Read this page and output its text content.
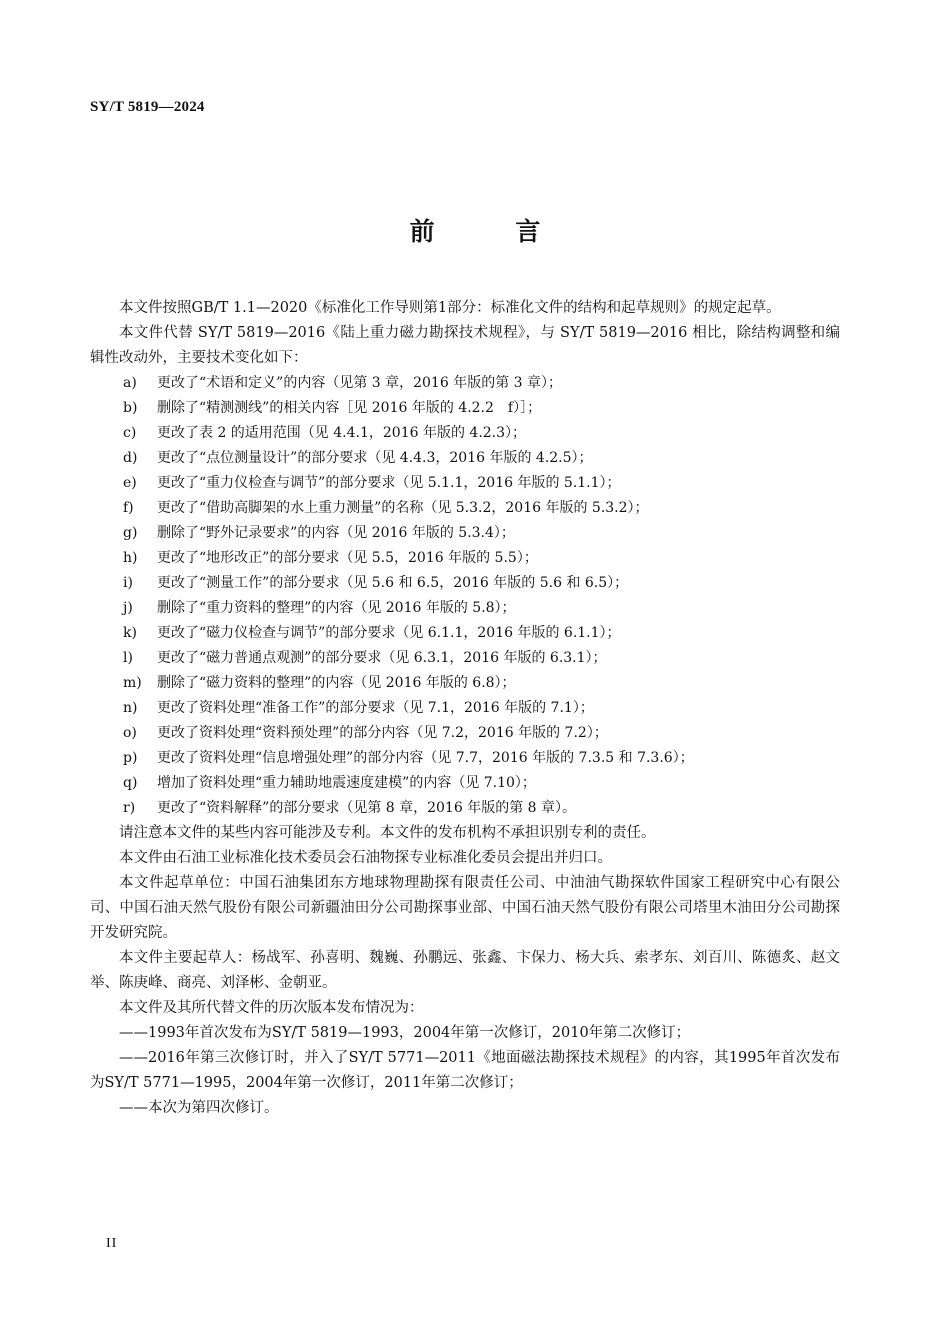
SY/T 5819—2024
前 言

本文件按照GB/T 1.1—2020《标准化工作导则第1部分：标准化文件的结构和起草规则》的规定起草。

本文件代替 SY/T 5819—2016《陆上重力磁力勘探技术规程》，与 SY/T 5819—2016 相比，除结构调整和编辑性改动外，主要技术变化如下：

a) 更改了“术语和定义”的内容（见第 3 章，2016 年版的第 3 章）；
b) 删除了“精测测线”的相关内容［见 2016 年版的 4.2.2　f）］；
c) 更改了表 2 的适用范围（见 4.4.1，2016 年版的 4.2.3）；
d) 更改了“点位测量设计”的部分要求（见 4.4.3，2016 年版的 4.2.5）；
e) 更改了“重力仪检查与调节”的部分要求（见 5.1.1，2016 年版的 5.1.1）；
f) 更改了“借助高脚架的水上重力测量”的名称（见 5.3.2，2016 年版的 5.3.2）；
g) 删除了“野外记录要求”的内容（见 2016 年版的 5.3.4）；
h) 更改了“地形改正”的部分要求（见 5.5，2016 年版的 5.5）；
i) 更改了“测量工作”的部分要求（见 5.6 和 6.5，2016 年版的 5.6 和 6.5）；
j) 删除了“重力资料的整理”的内容（见 2016 年版的 5.8）；
k) 更改了“磁力仪检查与调节”的部分要求（见 6.1.1，2016 年版的 6.1.1）；
l) 更改了“磁力普通点观测”的部分要求（见 6.3.1，2016 年版的 6.3.1）；
m) 删除了“磁力资料的整理”的内容（见 2016 年版的 6.8）；
n) 更改了资料处理“准备工作”的部分要求（见 7.1，2016 年版的 7.1）；
o) 更改了资料处理“资料预处理”的部分内容（见 7.2，2016 年版的 7.2）；
p) 更改了资料处理“信息增强处理”的部分内容（见 7.7，2016 年版的 7.3.5 和 7.3.6）；
q) 增加了资料处理“重力辅助地震速度建模”的内容（见 7.10）；
r) 更改了“资料解释”的部分要求（见第 8 章，2016 年版的第 8 章）。

请注意本文件的某些内容可能涉及专利。本文件的发布机构不承担识别专利的责任。

本文件由石油工业标准化技术委员会石油物探专业标准化委员会提出并归口。

本文件起草单位：中国石油集团东方地球物理勘探有限责任公司、中油油气勘探软件国家工程研究中心有限公司、中国石油天然气股份有限公司新疆油田分公司勘探事业部、中国石油天然气股份有限公司塔里木油田分公司勘探开发研究院。

本文件主要起草人：杨战军、孙喜明、魏巍、孙鹏远、张鑫、卞保力、杨大兵、索孝东、刘百川、陈德炙、赵文举、陈庚峰、商亮、刘泽彬、金朝亚。

本文件及其所代替文件的历次版本发布情况为：

——1993年首次发布为SY/T 5819—1993，2004年第一次修订，2010年第二次修订；

——2016年第三次修订时，并入了SY/T 5771—2011《地面磁法勘探技术规程》的内容，其1995年首次发布为SY/T 5771—1995，2004年第一次修订，2011年第二次修订；

——本次为第四次修订。

II
